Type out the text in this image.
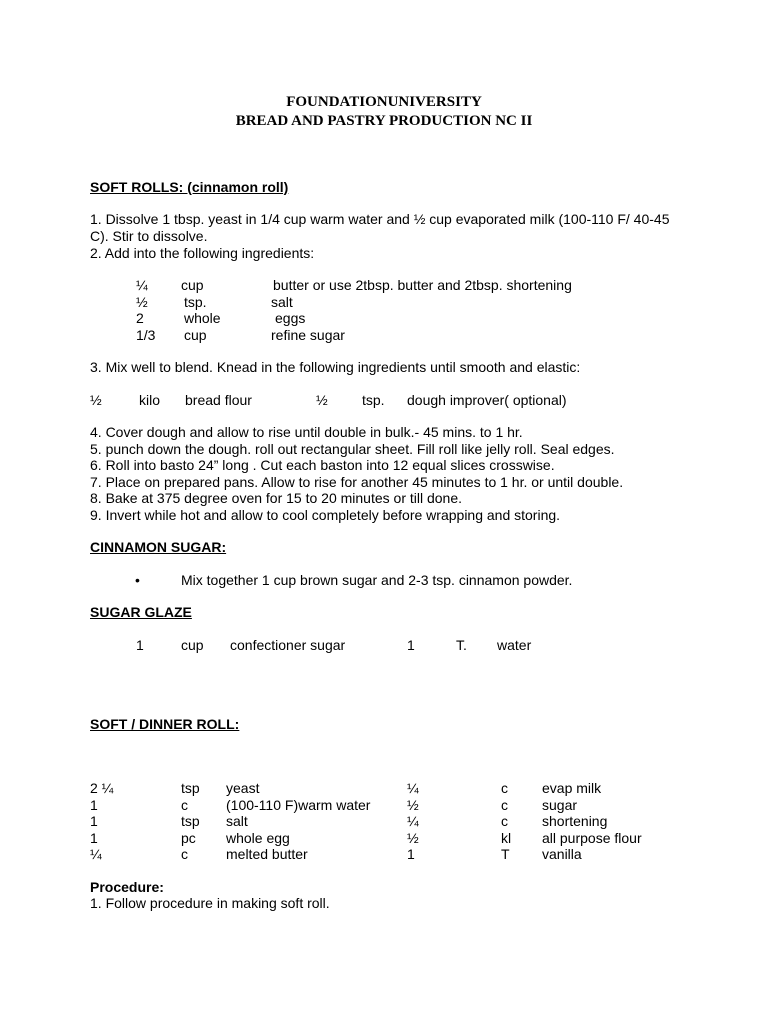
FOUNDATIONUNIVERSITY
BREAD AND PASTRY PRODUCTION NC II
SOFT ROLLS: (cinnamon roll)
1. Dissolve 1 tbsp. yeast in 1/4 cup warm water and ½ cup evaporated milk (100-110 F/ 40-45
C). Stir to dissolve.
2. Add into the following ingredients:
¼ cup	butter or use 2tbsp. butter and 2tbsp. shortening
½	tsp.	salt
2	whole	eggs
1/3 cup	refine sugar
3. Mix well to blend. Knead in the following ingredients until smooth and elastic:
½	kilo bread flour	½ tsp. dough improver( optional)
4. Cover dough and allow to rise until double in bulk.- 45 mins. to 1 hr.
5. punch down the dough. roll out rectangular sheet. Fill roll like jelly roll. Seal edges.
6. Roll into basto 24” long . Cut each baston into 12 equal slices crosswise.
7. Place on prepared pans. Allow to rise for another 45 minutes to 1 hr. or until double.
8. Bake at 375 degree oven for 15 to 20 minutes or till done.
9. Invert while hot and allow to cool completely before wrapping and storing.
CINNAMON SUGAR:
•	Mix together 1 cup brown sugar and 2-3 tsp. cinnamon powder.
SUGAR GLAZE
1	cup confectioner sugar	1	T. water
SOFT / DINNER ROLL:
2 ¼	tsp yeast	¼	c evap milk
1	c	(100-110 F)warm water	½	c sugar
1	tsp salt	¼	c shortening
1	pc whole egg	½	kl all purpose flour
¼	c	melted butter	1	T vanilla
Procedure:
1. Follow procedure in making soft roll.
